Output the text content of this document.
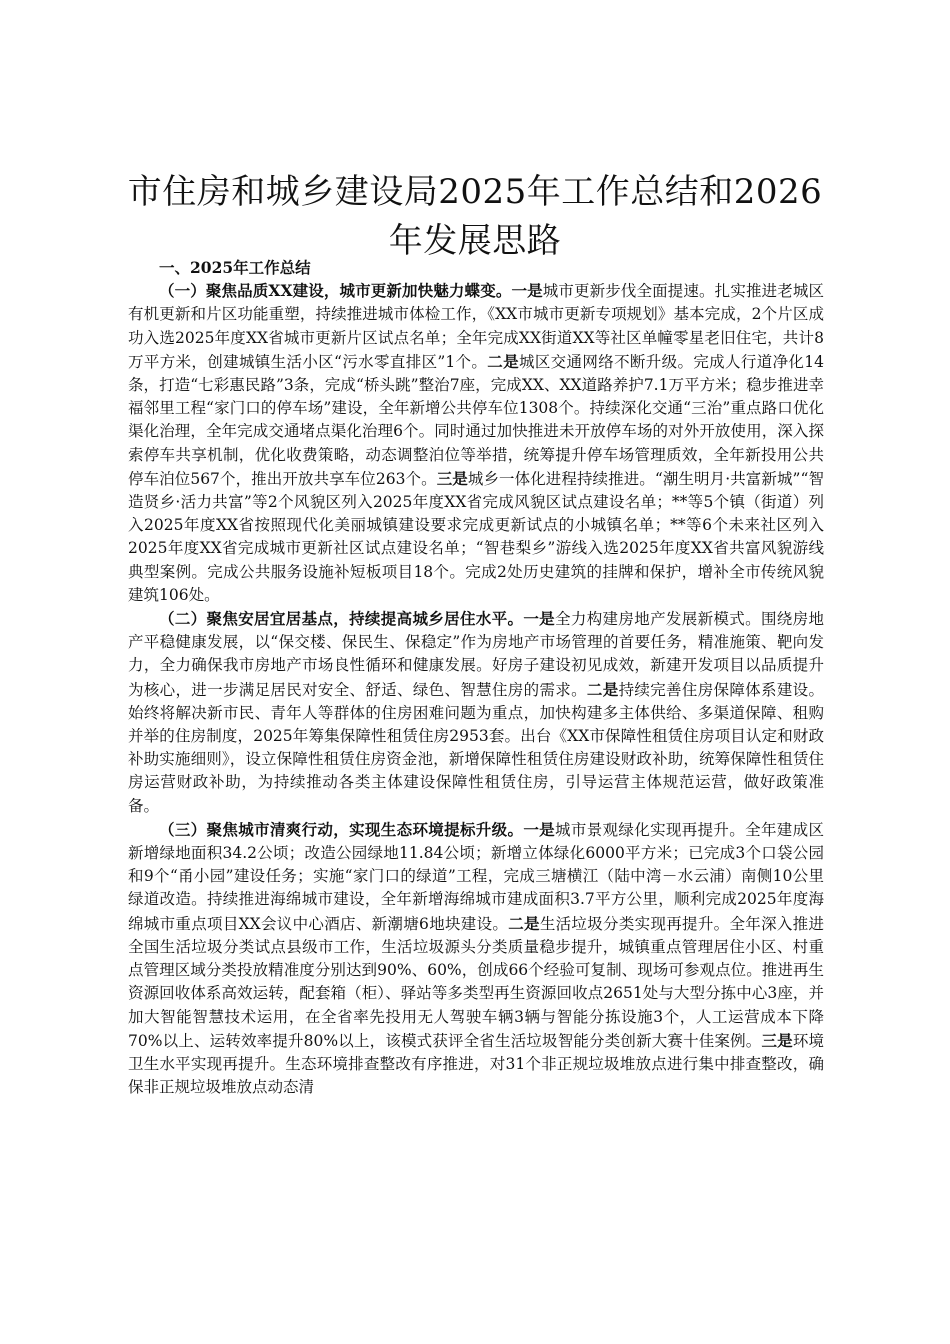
市住房和城乡建设局2025年工作总结和2026
年发展思路

一、2025年工作总结

（一）聚焦品质XX建设，城市更新加快魅力蝶变。一是城市更新步伐全面提速。扎实推进老城区有机更新和片区功能重塑，持续推进城市体检工作，《XX市城市更新专项规划》基本完成，2个片区成功入选2025年度XX省城市更新片区试点名单；全年完成XX街道XX等社区单幢零星老旧住宅，共计8万平方米，创建城镇生活小区“污水零直排区”1个。二是城区交通网络不断升级。完成人行道净化14条，打造“七彩惠民路”3条，完成“桥头跳”整治7座，完成XX、XX道路养护7.1万平方米；稳步推进幸福邻里工程“家门口的停车场”建设，全年新增公共停车位1308个。持续深化交通“三治”重点路口优化渠化治理，全年完成交通堵点渠化治理6个。同时通过加快推进未开放停车场的对外开放使用，深入探索停车共享机制，优化收费策略，动态调整泊位等举措，统筹提升停车场管理质效，全年新投用公共停车泊位567个，推出开放共享车位263个。三是城乡一体化进程持续推进。“潮生明月·共富新城”“智造贤乡·活力共富”等2个风貌区列入2025年度XX省完成风貌区试点建设名单；**等5个镇（街道）列入2025年度XX省按照现代化美丽城镇建设要求完成更新试点的小城镇名单；**等6个未来社区列入2025年度XX省完成城市更新社区试点建设名单；“智巷梨乡”游线入选2025年度XX省共富风貌游线典型案例。完成公共服务设施补短板项目18个。完成2处历史建筑的挂牌和保护，增补全市传统风貌建筑106处。

（二）聚焦安居宜居基点，持续提高城乡居住水平。一是全力构建房地产发展新模式。围绕房地产平稳健康发展，以“保交楼、保民生、保稳定”作为房地产市场管理的首要任务，精准施策、靶向发力，全力确保我市房地产市场良性循环和健康发展。好房子建设初见成效，新建开发项目以品质提升为核心，进一步满足居民对安全、舒适、绿色、智慧住房的需求。二是持续完善住房保障体系建设。始终将解决新市民、青年人等群体的住房困难问题为重点，加快构建多主体供给、多渠道保障、租购并举的住房制度，2025年筹集保障性租赁住房2953套。出台《XX市保障性租赁住房项目认定和财政补助实施细则》，设立保障性租赁住房资金池，新增保障性租赁住房建设财政补助，统筹保障性租赁住房运营财政补助，为持续推动各类主体建设保障性租赁住房，引导运营主体规范运营，做好政策准备。

（三）聚焦城市清爽行动，实现生态环境提标升级。一是城市景观绿化实现再提升。全年建成区新增绿地面积34.2公顷；改造公园绿地11.84公顷；新增立体绿化6000平方米；已完成3个口袋公园和9个“甬小园”建设任务；实施“家门口的绿道”工程，完成三塘横江（陆中湾－水云浦）南侧10公里绿道改造。持续推进海绵城市建设，全年新增海绵城市建成面积3.7平方公里，顺利完成2025年度海绵城市重点项目XX会议中心酒店、新潮塘6地块建设。二是生活垃圾分类实现再提升。全年深入推进全国生活垃圾分类试点县级市工作，生活垃圾源头分类质量稳步提升，城镇重点管理居住小区、村重点管理区域分类投放精准度分别达到90%、60%，创成66个经验可复制、现场可参观点位。推进再生资源回收体系高效运转，配套箱（柜）、驿站等多类型再生资源回收点2651处与大型分拣中心3座，并加大智能智慧技术运用，在全省率先投用无人驾驶车辆3辆与智能分拣设施3个，人工运营成本下降70%以上、运转效率提升80%以上，该模式获评全省生活垃圾智能分类创新大赛十佳案例。三是环境卫生水平实现再提升。生态环境排查整改有序推进，对31个非正规垃圾堆放点进行集中排查整改，确保非正规垃圾堆放点动态清
